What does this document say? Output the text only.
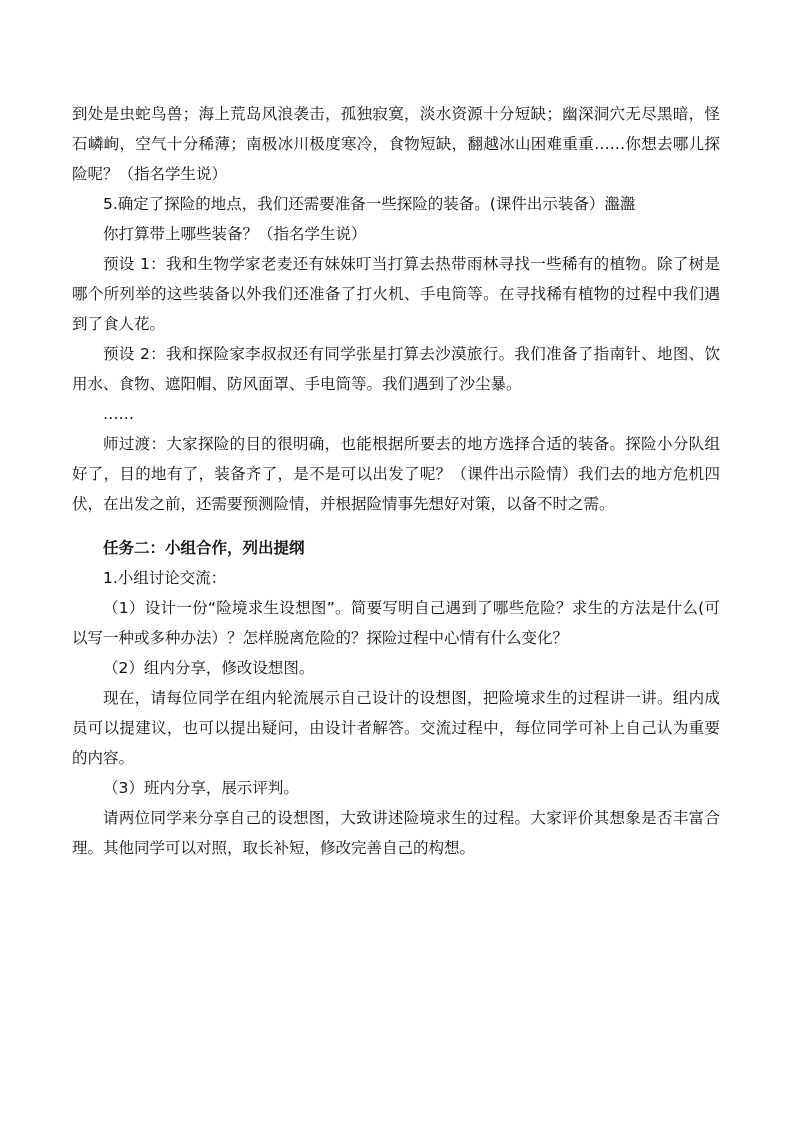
到处是虫蛇鸟兽；海上荒岛风浪袭击，孤独寂寞，淡水资源十分短缺；幽深洞穴无尽黑暗，怪石嶙峋，空气十分稀薄；南极冰川极度寒冷，食物短缺，翻越冰山困难重重……你想去哪儿探险呢？（指名学生说）

5.确定了探险的地点，我们还需要准备一些探险的装备。(课件出示装备）瀊瀊

你打算带上哪些装备？（指名学生说）

预设 1：我和生物学家老麦还有妹妹叮当打算去热带雨林寻找一些稀有的植物。除了树是哪个所列举的这些装备以外我们还准备了打火机、手电筒等。在寻找稀有植物的过程中我们遇到了食人花。

预设 2：我和探险家李叔叔还有同学张星打算去沙漠旅行。我们准备了指南针、地图、饮用水、食物、遮阳帽、防风面罩、手电筒等。我们遇到了沙尘暴。

……

师过渡：大家探险的目的很明确，也能根据所要去的地方选择合适的装备。探险小分队组好了，目的地有了，装备齐了，是不是可以出发了呢？（课件出示险情）我们去的地方危机四伏，在出发之前，还需要预测险情，并根据险情事先想好对策，以备不时之需。

任务二：小组合作，列出提纲

1.小组讨论交流：

（1）设计一份“险境求生设想图”。简要写明自己遇到了哪些危险？求生的方法是什么(可以写一种或多种办法）？怎样脱离危险的？探险过程中心情有什么变化？

（2）组内分享，修改设想图。

现在，请每位同学在组内轮流展示自己设计的设想图，把险境求生的过程讲一讲。组内成员可以提建议，也可以提出疑问，由设计者解答。交流过程中，每位同学可补上自己认为重要的内容。

（3）班内分享，展示评判。

请两位同学来分享自己的设想图，大致讲述险境求生的过程。大家评价其想象是否丰富合理。其他同学可以对照，取长补短，修改完善自己的构想。
